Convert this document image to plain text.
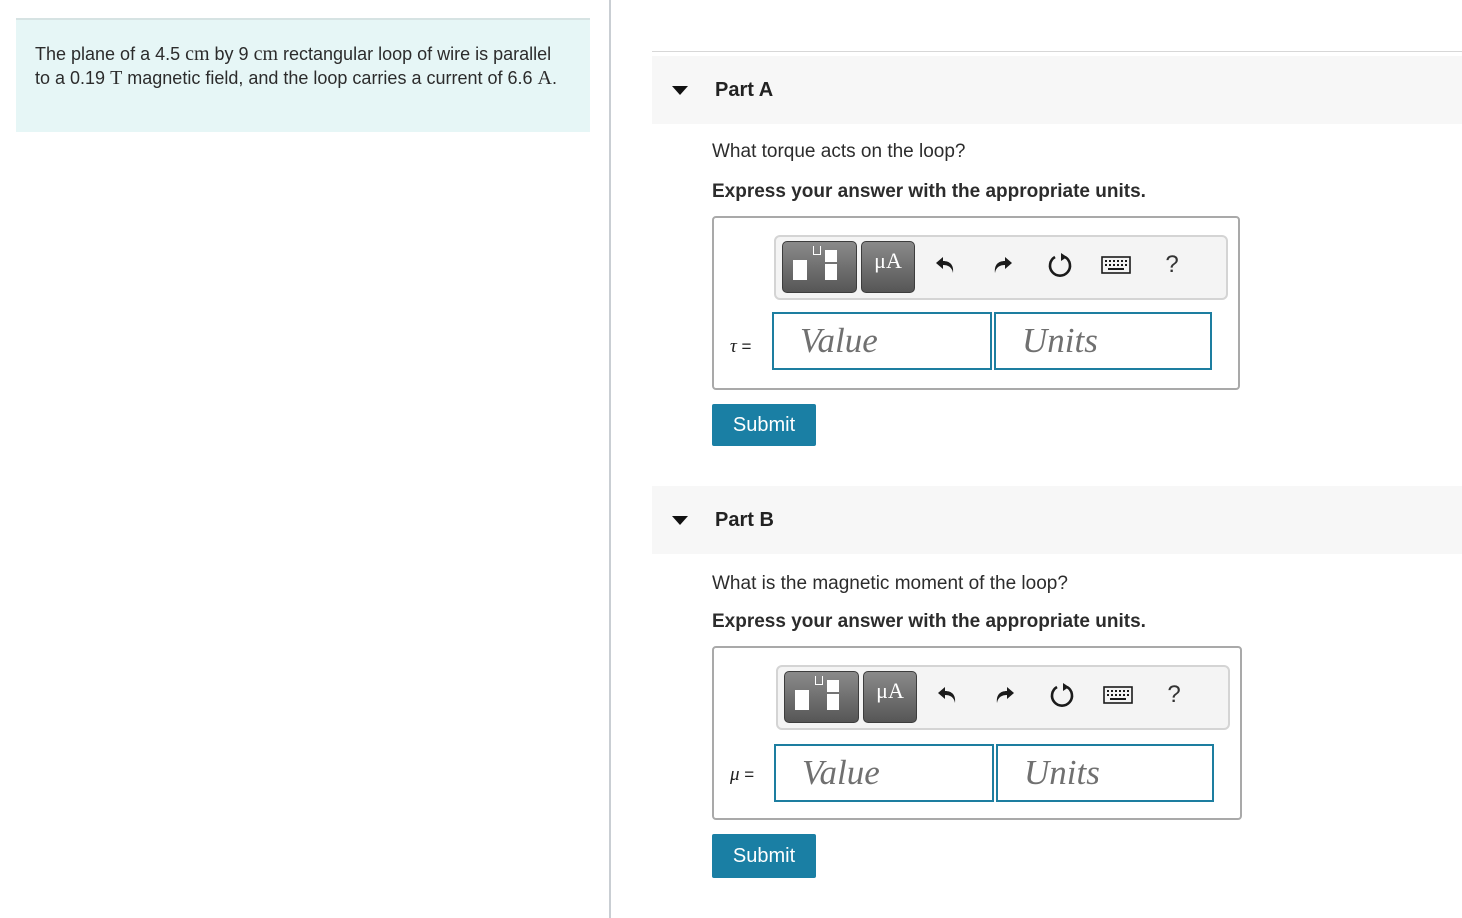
The plane of a 4.5 cm by 9 cm rectangular loop of wire is parallel to a 0.19 T magnetic field, and the loop carries a current of 6.6 A.
Part A
What torque acts on the loop?
Express your answer with the appropriate units.
μA	?
τ =
Value
Units
Submit
Part B
What is the magnetic moment of the loop?
Express your answer with the appropriate units.
μA	?
μ =
Value
Units
Submit
